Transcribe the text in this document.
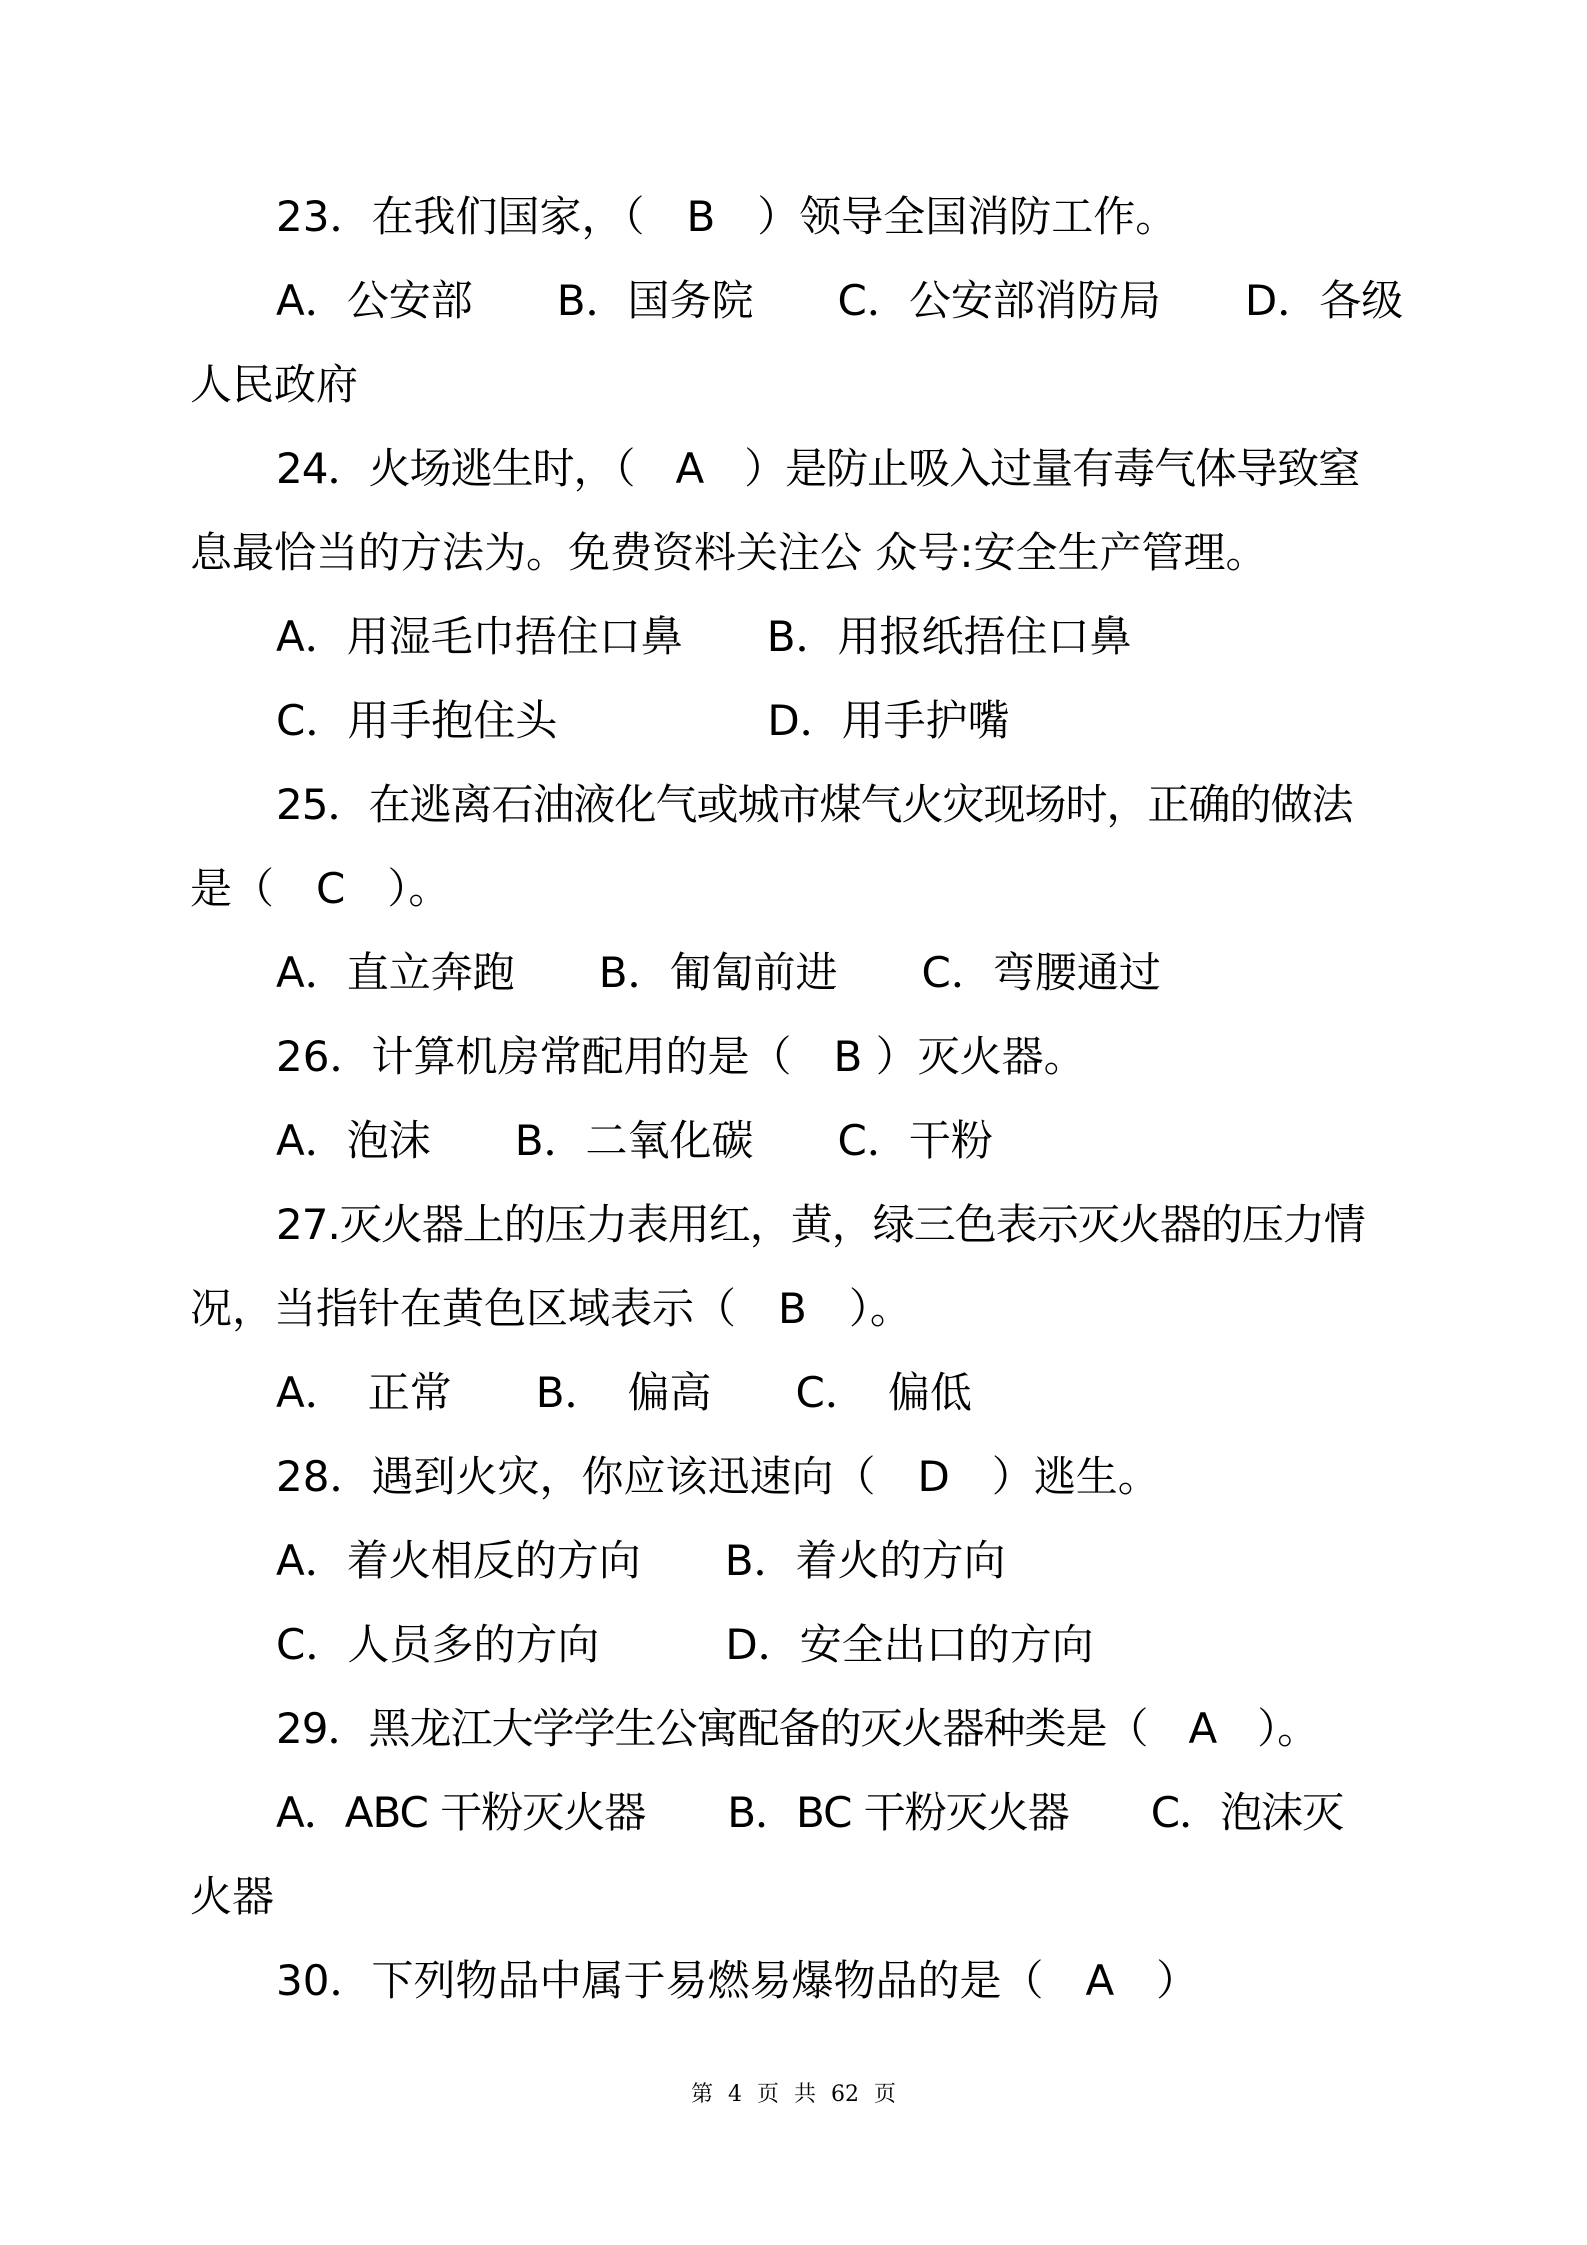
23．在我们国家，（　B　）领导全国消防工作。
A．公安部　　B．国务院　　C．公安部消防局　　D．各级
人民政府
24．火场逃生时，（　A　）是防止吸入过量有毒气体导致窒
息最恰当的方法为。免费资料关注公 众号:安全生产管理。
A．用湿毛巾捂住口鼻　　B．用报纸捂住口鼻
C．用手抱住头　　　　　D．用手护嘴
25．在逃离石油液化气或城市煤气火灾现场时，正确的做法
是（　C　）。
A．直立奔跑　　B．匍匐前进　　C．弯腰通过
26．计算机房常配用的是（　B ）灭火器。
A．泡沫　　B．二氧化碳　　C．干粉
27.灭火器上的压力表用红，黄，绿三色表示灭火器的压力情
况，当指针在黄色区域表示（　B　）。
A．　正常　　B．　偏高　　C．　偏低
28．遇到火灾，你应该迅速向（　D　）逃生。
A．着火相反的方向　　B．着火的方向
C．人员多的方向　　　D．安全出口的方向
29．黑龙江大学学生公寓配备的灭火器种类是（　A　）。
A．ABC 干粉灭火器　　B．BC 干粉灭火器　　C．泡沫灭
火器
30．下列物品中属于易燃易爆物品的是（　A　）
第 4 页 共 62 页
